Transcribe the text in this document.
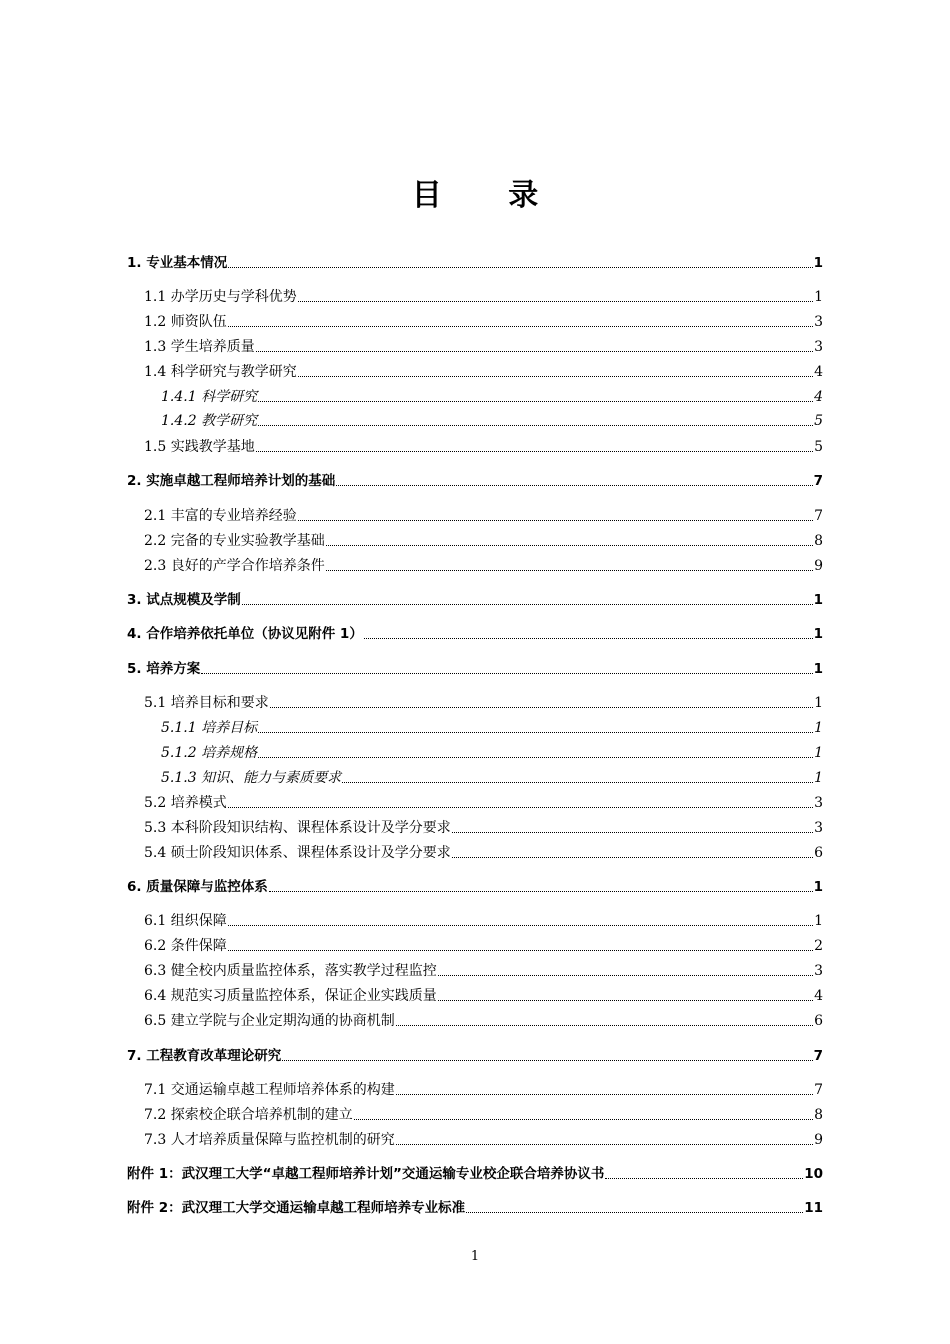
目 录
1. 专业基本情况	1
1.1 办学历史与学科优势	1
1.2 师资队伍	3
1.3 学生培养质量	3
1.4 科学研究与教学研究	4
1.4.1 科学研究	4
1.4.2 教学研究	5
1.5 实践教学基地	5
2. 实施卓越工程师培养计划的基础	7
2.1 丰富的专业培养经验	7
2.2 完备的专业实验教学基础	8
2.3 良好的产学合作培养条件	9
3. 试点规模及学制	1
4. 合作培养依托单位（协议见附件 1）	1
5. 培养方案	1
5.1 培养目标和要求	1
5.1.1 培养目标	1
5.1.2 培养规格	1
5.1.3 知识、能力与素质要求	1
5.2 培养模式	3
5.3 本科阶段知识结构、课程体系设计及学分要求	3
5.4 硕士阶段知识体系、课程体系设计及学分要求	6
6. 质量保障与监控体系	1
6.1 组织保障	1
6.2 条件保障	2
6.3 健全校内质量监控体系，落实教学过程监控	3
6.4 规范实习质量监控体系，保证企业实践质量	4
6.5 建立学院与企业定期沟通的协商机制	6
7. 工程教育改革理论研究	7
7.1 交通运输卓越工程师培养体系的构建	7
7.2 探索校企联合培养机制的建立	8
7.3 人才培养质量保障与监控机制的研究	9
附件 1：武汉理工大学“卓越工程师培养计划”交通运输专业校企联合培养协议书	10
附件 2：武汉理工大学交通运输卓越工程师培养专业标准	11
1
